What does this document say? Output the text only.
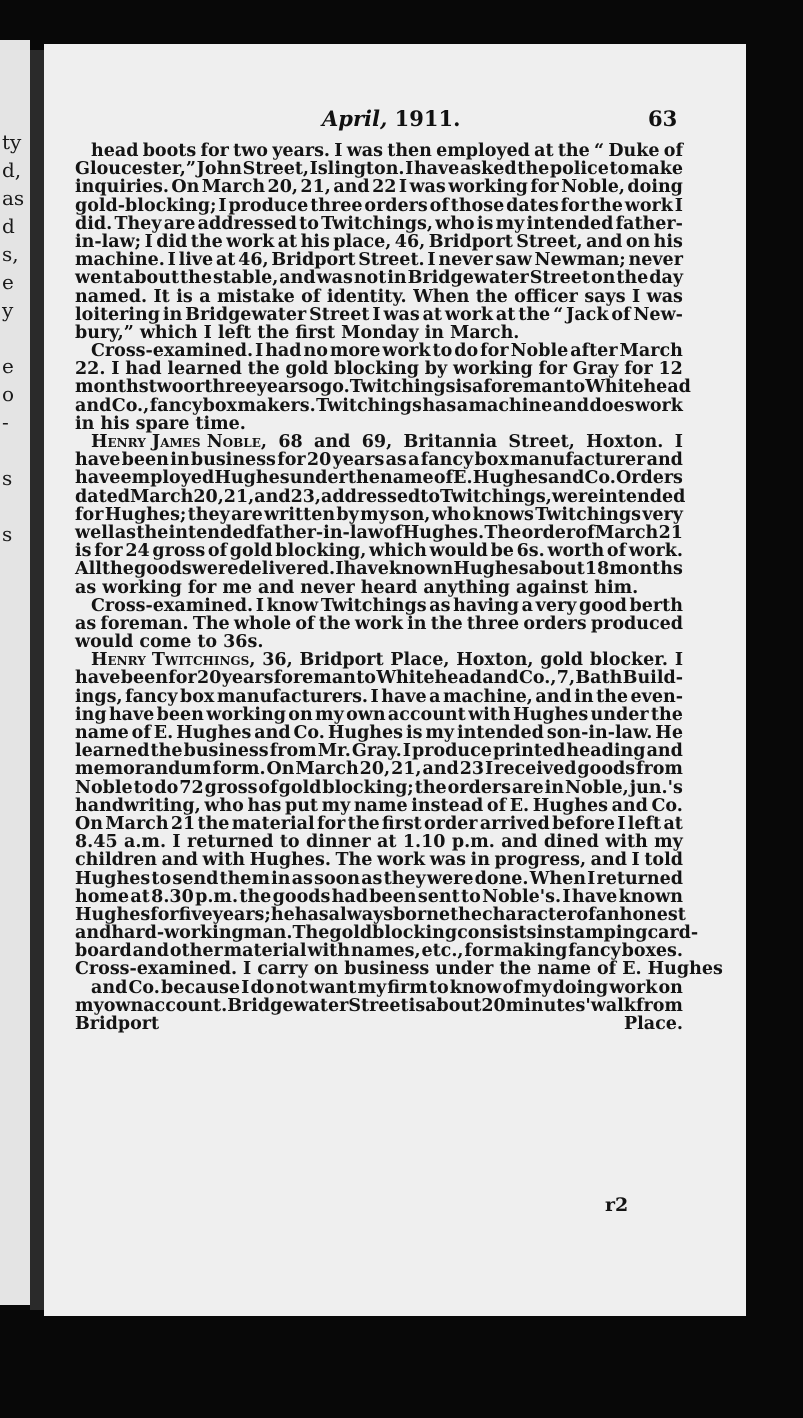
ty
d,
as
d
s,
e
y
e
o
-
s
s
April, 1911.	63
head boots for two years. I was then employed at the “ Duke of
Gloucester,” John Street, Islington. I have asked the police to make
inquiries. On March 20, 21, and 22 I was working for Noble, doing
gold-blocking; I produce three orders of those dates for the work I
did. They are addressed to Twitchings, who is my intended father-
in-law; I did the work at his place, 46, Bridport Street, and on his
machine. I live at 46, Bridport Street. I never saw Newman; never
went about the stable, and was not in Bridgewater Street on the day
named. It is a mistake of identity. When the officer says I was
loitering in Bridgewater Street I was at work at the “ Jack of New-
bury,” which I left the first Monday in March.
Cross-examined. I had no more work to do for Noble after March
22. I had learned the gold blocking by working for Gray for 12
months two or three years ogo. Twitchings is a foreman to Whitehead
and Co., fancy box makers. Twitchings has a machine and does work
in his spare time.
Henry James Noble, 68 and 69, Britannia Street, Hoxton. I
have been in business for 20 years as a fancy box manufacturer and
have employed Hughes under the name of E. Hughes and Co. Orders
dated March 20, 21, and 23, addressed to Twitchings, were intended
for Hughes; they are written by my son, who knows Twitchings very
well as the intended father-in-law of Hughes. The order of March 21
is for 24 gross of gold blocking, which would be 6s. worth of work.
All the goods were delivered. I have known Hughes about 18 months
as working for me and never heard anything against him.
Cross-examined. I know Twitchings as having a very good berth
as foreman. The whole of the work in the three orders produced
would come to 36s.
Henry Twitchings, 36, Bridport Place, Hoxton, gold blocker. I
have been for 20 years foreman to Whitehead and Co., 7, Bath Build-
ings, fancy box manufacturers. I have a machine, and in the even-
ing have been working on my own account with Hughes under the
name of E. Hughes and Co. Hughes is my intended son-in-law. He
learned the business from Mr. Gray. I produce printed heading and
memorandum form. On March 20, 21, and 23 I received goods from
Noble to do 72 gross of gold blocking; the orders are in Noble, jun.'s
handwriting, who has put my name instead of E. Hughes and Co.
On March 21 the material for the first order arrived before I left at
8.45 a.m. I returned to dinner at 1.10 p.m. and dined with my
children and with Hughes. The work was in progress, and I told
Hughes to send them in as soon as they were done. When I returned
home at 8.30 p.m. the goods had been sent to Noble's. I have known
Hughes for five years; he has always borne the character of an honest
and hard-working man. The gold blocking consists in stamping card-
board and other material with names, etc., for making fancy boxes.
Cross-examined. I carry on business under the name of E. Hughes
and Co. because I do not want my firm to know of my doing work on
my own account. Bridgewater Street is about 20 minutes' walk from
Bridport	Place.
r2
